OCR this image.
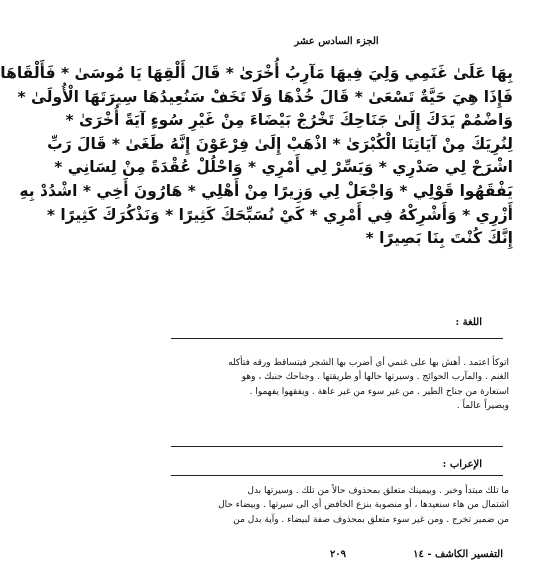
الجزء السادس عشر
بِهَا عَلَىٰ غَنَمِي وَلِيَ فِيهَا مَآرِبُ أُخْرَىٰ * قَالَ أَلْقِهَا يَا مُوسَىٰ * فَأَلْقَاهَا
فَإِذَا هِيَ حَيَّةٌ تَسْعَىٰ * قَالَ خُذْهَا وَلَا تَخَفْ سَنُعِيدُهَا سِيرَتَهَا الْأُولَىٰ *
وَاضْمُمْ يَدَكَ إِلَىٰ جَنَاحِكَ تَخْرُجْ بَيْضَاءَ مِنْ غَيْرِ سُوءٍ آيَةً أُخْرَىٰ *
لِنُرِيَكَ مِنْ آيَاتِنَا الْكُبْرَىٰ * اذْهَبْ إِلَىٰ فِرْعَوْنَ إِنَّهُ طَغَىٰ * قَالَ رَبِّ
اشْرَحْ لِي صَدْرِي * وَيَسِّرْ لِي أَمْرِي * وَاحْلُلْ عُقْدَةً مِنْ لِسَانِي *
يَفْقَهُوا قَوْلِي * وَاجْعَلْ لِي وَزِيرًا مِنْ أَهْلِي * هَارُونَ أَخِي * اشْدُدْ بِهِ
أَزْرِي * وَأَشْرِكْهُ فِي أَمْرِي * كَيْ نُسَبِّحَكَ كَثِيرًا * وَنَذْكُرَكَ كَثِيرًا *
إِنَّكَ كُنْتَ بِنَا بَصِيرًا *
اللغة :
اتوكأ اعتمد . أهش بها على غنمي أي أضرب بها الشجر فيتساقط ورقه فتأكله
الغنم . والمآرب الحوائج . وسيرتها حالها أو طريقتها . وجناحك جنبك ، وهو
استعارة من جناح الطير . من غير سوء من غير عاهة . ويفقهوا يفهموا .
وبصيراً عالماً .
الإعراب :
ما تلك مبتدأ وخبر . وبيمينك متعلق بمحذوف حالاً من تلك . وسيرتها بدل
اشتمال من هاء سنعيدها ، أو منصوبة بنزع الخافض أي الى سيرتها . وبيضاء حال
من ضمير تخرج . ومن غير سوء متعلق بمحذوف صفة لبيضاء . وآية بدل من
التفسير الكاشف - ١٤
٢٠٩
